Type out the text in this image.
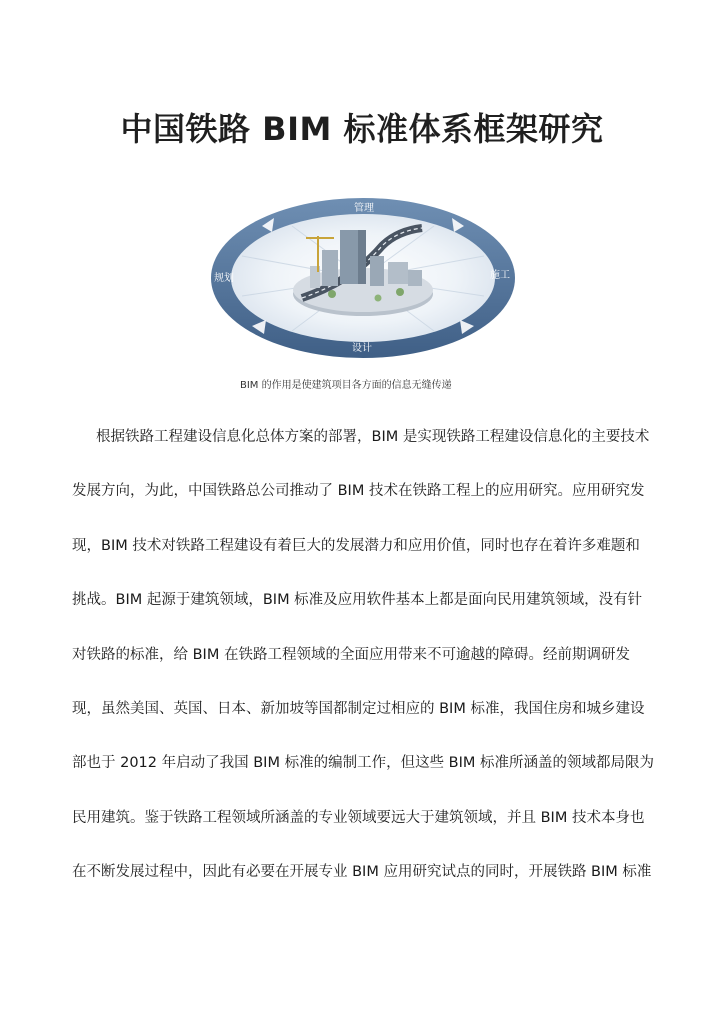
中国铁路 BIM 标准体系框架研究
管理
规划	施工
设计
BIM 的作用是使建筑项目各方面的信息无缝传递
根据铁路工程建设信息化总体方案的部署，BIM 是实现铁路工程建设信息化的主要技术
发展方向，为此，中国铁路总公司推动了 BIM 技术在铁路工程上的应用研究。应用研究发
现，BIM 技术对铁路工程建设有着巨大的发展潜力和应用价值，同时也存在着许多难题和
挑战。BIM 起源于建筑领域，BIM 标准及应用软件基本上都是面向民用建筑领域，没有针
对铁路的标准，给 BIM 在铁路工程领域的全面应用带来不可逾越的障碍。经前期调研发
现，虽然美国、英国、日本、新加坡等国都制定过相应的 BIM 标准，我国住房和城乡建设
部也于 2012 年启动了我国 BIM 标准的编制工作，但这些 BIM 标准所涵盖的领域都局限为
民用建筑。鉴于铁路工程领域所涵盖的专业领域要远大于建筑领域，并且 BIM 技术本身也
在不断发展过程中，因此有必要在开展专业 BIM 应用研究试点的同时，开展铁路 BIM 标准
